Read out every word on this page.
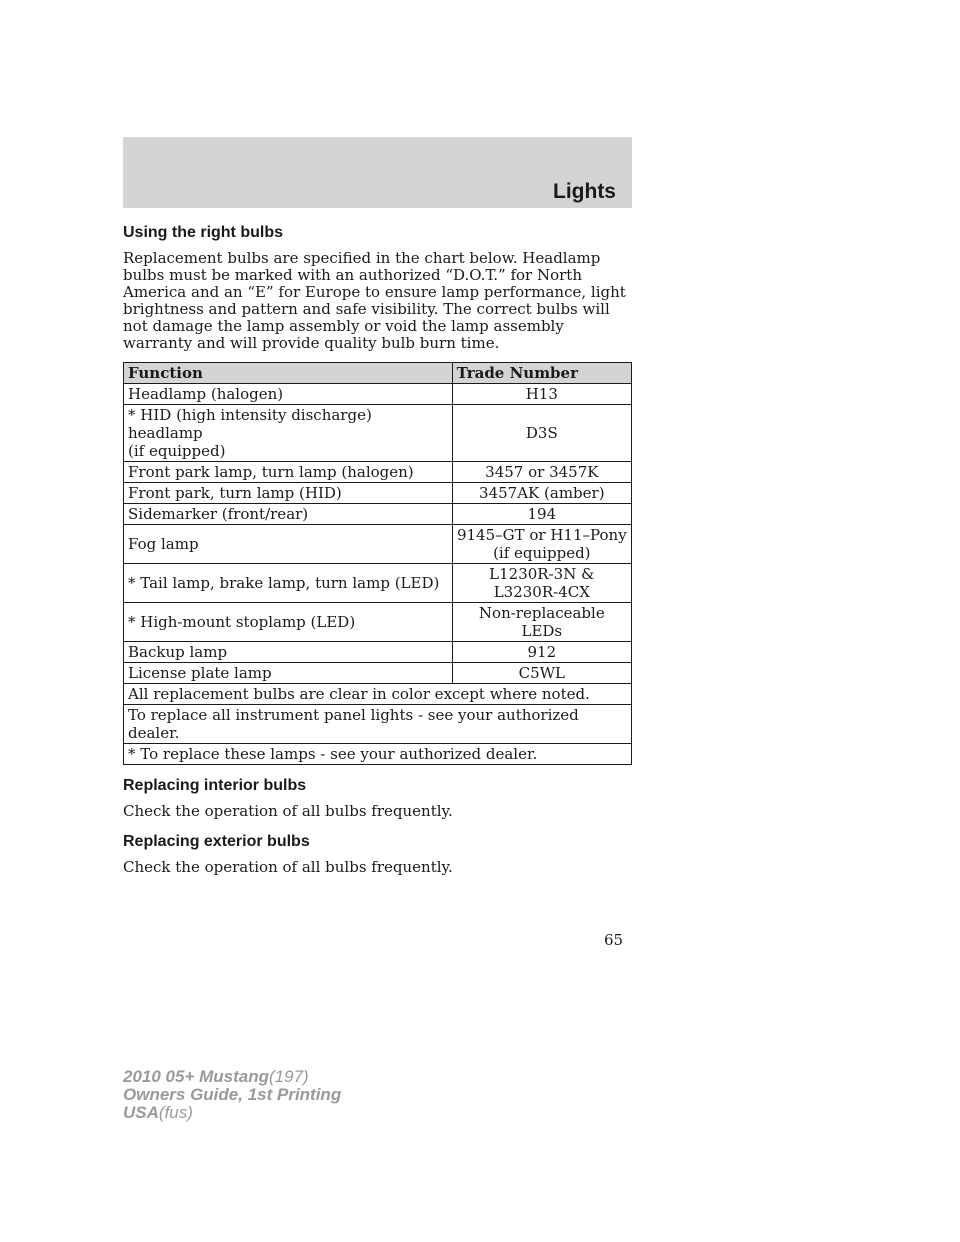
Lights
Using the right bulbs

Replacement bulbs are specified in the chart below. Headlamp bulbs must be marked with an authorized “D.O.T.” for North America and an “E” for Europe to ensure lamp performance, light brightness and pattern and safe visibility. The correct bulbs will not damage the lamp assembly or void the lamp assembly warranty and will provide quality bulb burn time.

Function	Trade Number
Headlamp (halogen)	H13
* HID (high intensity discharge) headlamp
(if equipped)	D3S
Front park lamp, turn lamp (halogen)	3457 or 3457K
Front park, turn lamp (HID)	3457AK (amber)
Sidemarker (front/rear)	194
Fog lamp	9145–GT or H11–Pony
(if equipped)
* Tail lamp, brake lamp, turn lamp (LED)	L1230R-3N &
L3230R-4CX
* High-mount stoplamp (LED)	Non-replaceable LEDs
Backup lamp	912
License plate lamp	C5WL
All replacement bulbs are clear in color except where noted.	
To replace all instrument panel lights - see your authorized dealer.	
* To replace these lamps - see your authorized dealer.	
Replacing interior bulbs

Check the operation of all bulbs frequently.

Replacing exterior bulbs

Check the operation of all bulbs frequently.

65
2010 05+ Mustang(197)
Owners Guide, 1st Printing
USA(fus)
